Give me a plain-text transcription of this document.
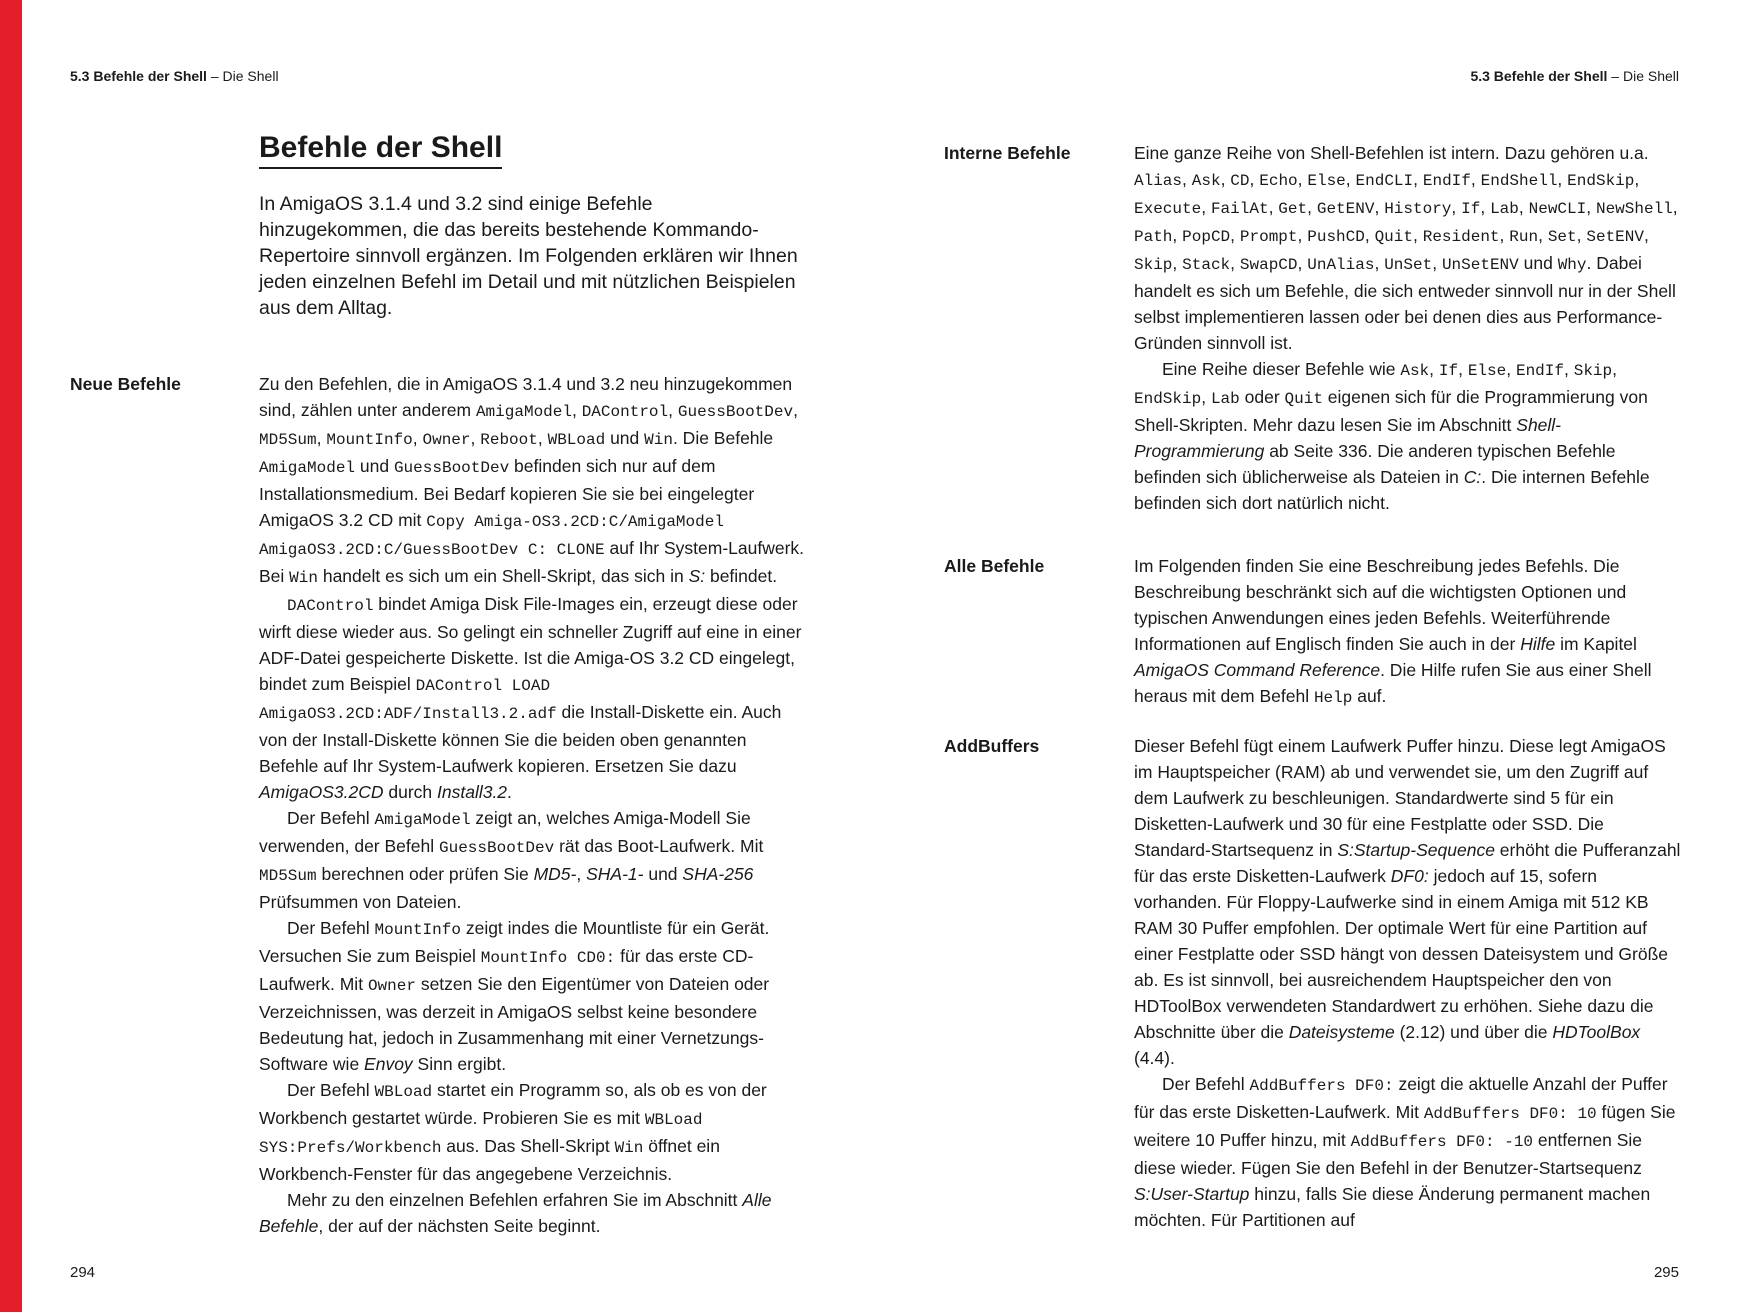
5.3 Befehle der Shell – Die Shell	5.3 Befehle der Shell – Die Shell
Befehle der Shell

In AmigaOS 3.1.4 und 3.2 sind einige Befehle hinzugekommen, die das bereits bestehende Kommando-Repertoire sinnvoll ergänzen. Im Folgenden erklären wir Ihnen jeden einzelnen Befehl im Detail und mit nützlichen Beispielen aus dem Alltag.

Neue Befehle	Zu den Befehlen, die in AmigaOS 3.1.4 und 3.2 neu hinzugekommen sind, zählen unter anderem AmigaModel, DAControl, GuessBootDev, MD5Sum, MountInfo, Owner, Reboot, WBLoad und Win. Die Befehle AmigaModel und GuessBootDev befinden sich nur auf dem Installationsmedium. Bei Bedarf kopieren Sie sie bei eingelegter AmigaOS 3.2 CD mit Copy Amiga-OS3.2CD:C/AmigaModel AmigaOS3.2CD:C/GuessBootDev C: CLONE auf Ihr System-Laufwerk. Bei Win handelt es sich um ein Shell-Skript, das sich in S: befindet.

DAControl bindet Amiga Disk File-Images ein, erzeugt diese oder wirft diese wieder aus. So gelingt ein schneller Zugriff auf eine in einer ADF-Datei gespeicherte Diskette. Ist die Amiga-OS 3.2 CD eingelegt, bindet zum Beispiel DAControl LOAD AmigaOS3.2CD:ADF/Install3.2.adf die Install-Diskette ein. Auch von der Install-Diskette können Sie die beiden oben genannten Befehle auf Ihr System-Laufwerk kopieren. Ersetzen Sie dazu AmigaOS3.2CD durch Install3.2.

Der Befehl AmigaModel zeigt an, welches Amiga-Modell Sie verwenden, der Befehl GuessBootDev rät das Boot-Laufwerk. Mit MD5Sum berechnen oder prüfen Sie MD5-, SHA-1- und SHA-256 Prüfsummen von Dateien.

Der Befehl MountInfo zeigt indes die Mountliste für ein Gerät. Versuchen Sie zum Beispiel MountInfo CD0: für das erste CD-Laufwerk. Mit Owner setzen Sie den Eigentümer von Dateien oder Verzeichnissen, was derzeit in AmigaOS selbst keine besondere Bedeutung hat, jedoch in Zusammenhang mit einer Vernetzungs-Software wie Envoy Sinn ergibt.

Der Befehl WBLoad startet ein Programm so, als ob es von der Workbench gestartet würde. Probieren Sie es mit WBLoad SYS:Prefs/Workbench aus. Das Shell-Skript Win öffnet ein Workbench-Fenster für das angegebene Verzeichnis.

Mehr zu den einzelnen Befehlen erfahren Sie im Abschnitt Alle Befehle, der auf der nächsten Seite beginnt.

Interne Befehle	Eine ganze Reihe von Shell-Befehlen ist intern. Dazu gehören u.a. Alias, Ask, CD, Echo, Else, EndCLI, EndIf, EndShell, EndSkip, Execute, FailAt, Get, GetENV, History, If, Lab, NewCLI, NewShell, Path, PopCD, Prompt, PushCD, Quit, Resident, Run, Set, SetENV, Skip, Stack, SwapCD, UnAlias, UnSet, UnSetENV und Why. Dabei handelt es sich um Befehle, die sich entweder sinnvoll nur in der Shell selbst implementieren lassen oder bei denen dies aus Performance-Gründen sinnvoll ist.

Eine Reihe dieser Befehle wie Ask, If, Else, EndIf, Skip, EndSkip, Lab oder Quit eigenen sich für die Programmierung von Shell-Skripten. Mehr dazu lesen Sie im Abschnitt Shell-Programmierung ab Seite 336. Die anderen typischen Befehle befinden sich üblicherweise als Dateien in C:. Die internen Befehle befinden sich dort natürlich nicht.

Alle Befehle	Im Folgenden finden Sie eine Beschreibung jedes Befehls. Die Beschreibung beschränkt sich auf die wichtigsten Optionen und typischen Anwendungen eines jeden Befehls. Weiterführende Informationen auf Englisch finden Sie auch in der Hilfe im Kapitel AmigaOS Command Reference. Die Hilfe rufen Sie aus einer Shell heraus mit dem Befehl Help auf.

AddBuffers	Dieser Befehl fügt einem Laufwerk Puffer hinzu. Diese legt AmigaOS im Hauptspeicher (RAM) ab und verwendet sie, um den Zugriff auf dem Laufwerk zu beschleunigen. Standardwerte sind 5 für ein Disketten-Laufwerk und 30 für eine Festplatte oder SSD. Die Standard-Startsequenz in S:Startup-Sequence erhöht die Pufferanzahl für das erste Disketten-Laufwerk DF0: jedoch auf 15, sofern vorhanden. Für Floppy-Laufwerke sind in einem Amiga mit 512 KB RAM 30 Puffer empfohlen. Der optimale Wert für eine Partition auf einer Festplatte oder SSD hängt von dessen Dateisystem und Größe ab. Es ist sinnvoll, bei ausreichendem Hauptspeicher den von HDToolBox verwendeten Standardwert zu erhöhen. Siehe dazu die Abschnitte über die Dateisysteme (2.12) und über die HDToolBox (4.4).

Der Befehl AddBuffers DF0: zeigt die aktuelle Anzahl der Puffer für das erste Disketten-Laufwerk. Mit AddBuffers DF0: 10 fügen Sie weitere 10 Puffer hinzu, mit AddBuffers DF0: -10 entfernen Sie diese wieder. Fügen Sie den Befehl in der Benutzer-Startsequenz S:User-Startup hinzu, falls Sie diese Änderung permanent machen möchten. Für Partitionen auf

294	295
